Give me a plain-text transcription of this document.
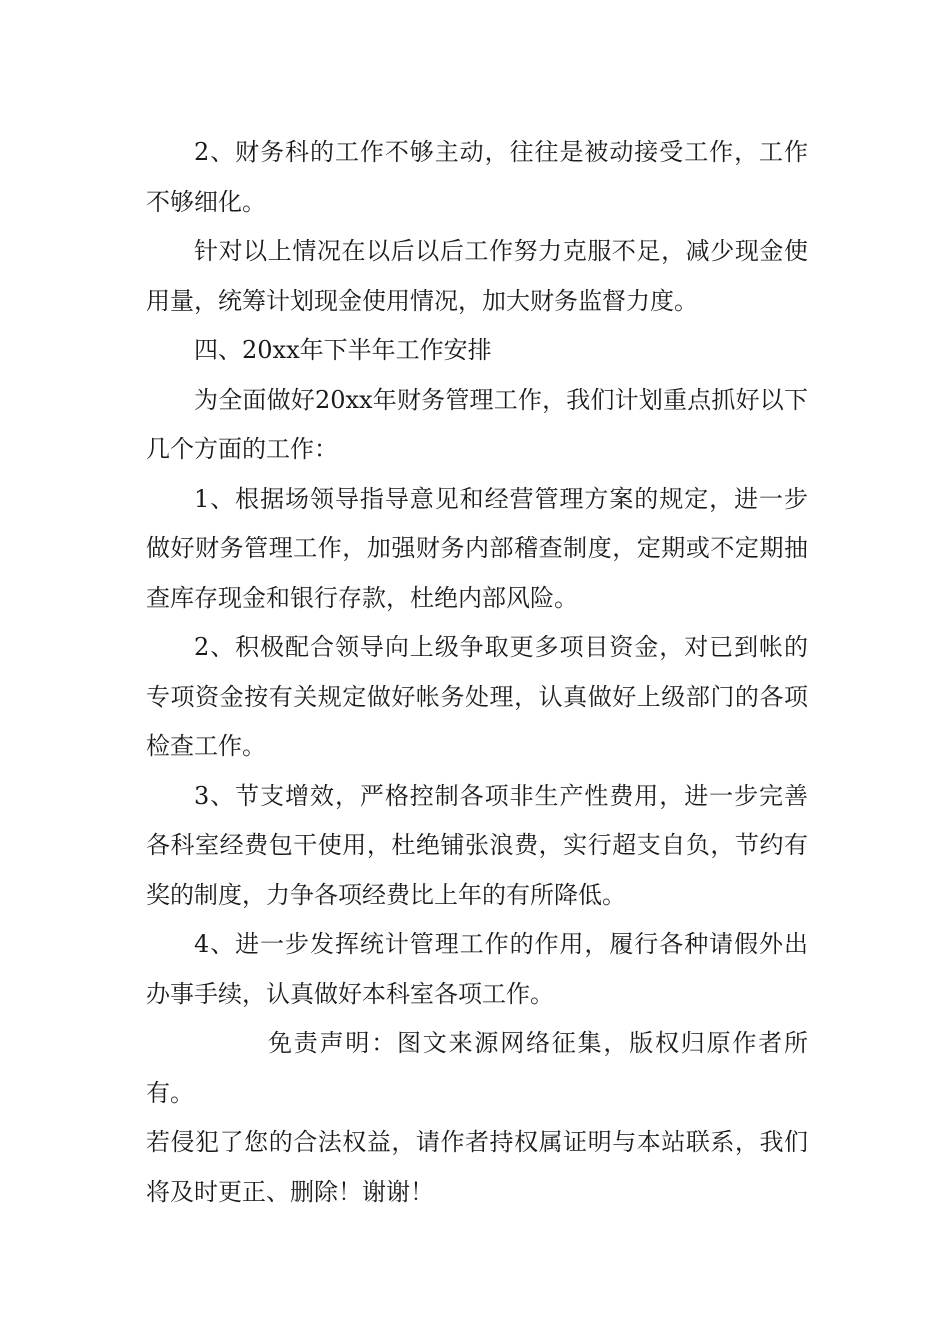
2、财务科的工作不够主动，往往是被动接受工作，工作不够细化。

针对以上情况在以后以后工作努力克服不足，减少现金使用量，统筹计划现金使用情况，加大财务监督力度。

四、20xx年下半年工作安排

为全面做好20xx年财务管理工作，我们计划重点抓好以下几个方面的工作：

1、根据场领导指导意见和经营管理方案的规定，进一步做好财务管理工作，加强财务内部稽查制度，定期或不定期抽查库存现金和银行存款，杜绝内部风险。

2、积极配合领导向上级争取更多项目资金，对已到帐的专项资金按有关规定做好帐务处理，认真做好上级部门的各项检查工作。

3、节支增效，严格控制各项非生产性费用，进一步完善各科室经费包干使用，杜绝铺张浪费，实行超支自负，节约有奖的制度，力争各项经费比上年的有所降低。

4、进一步发挥统计管理工作的作用，履行各种请假外出办事手续，认真做好本科室各项工作。

免责声明：图文来源网络征集，版权归原作者所有。

若侵犯了您的合法权益，请作者持权属证明与本站联系，我们将及时更正、删除！谢谢！
